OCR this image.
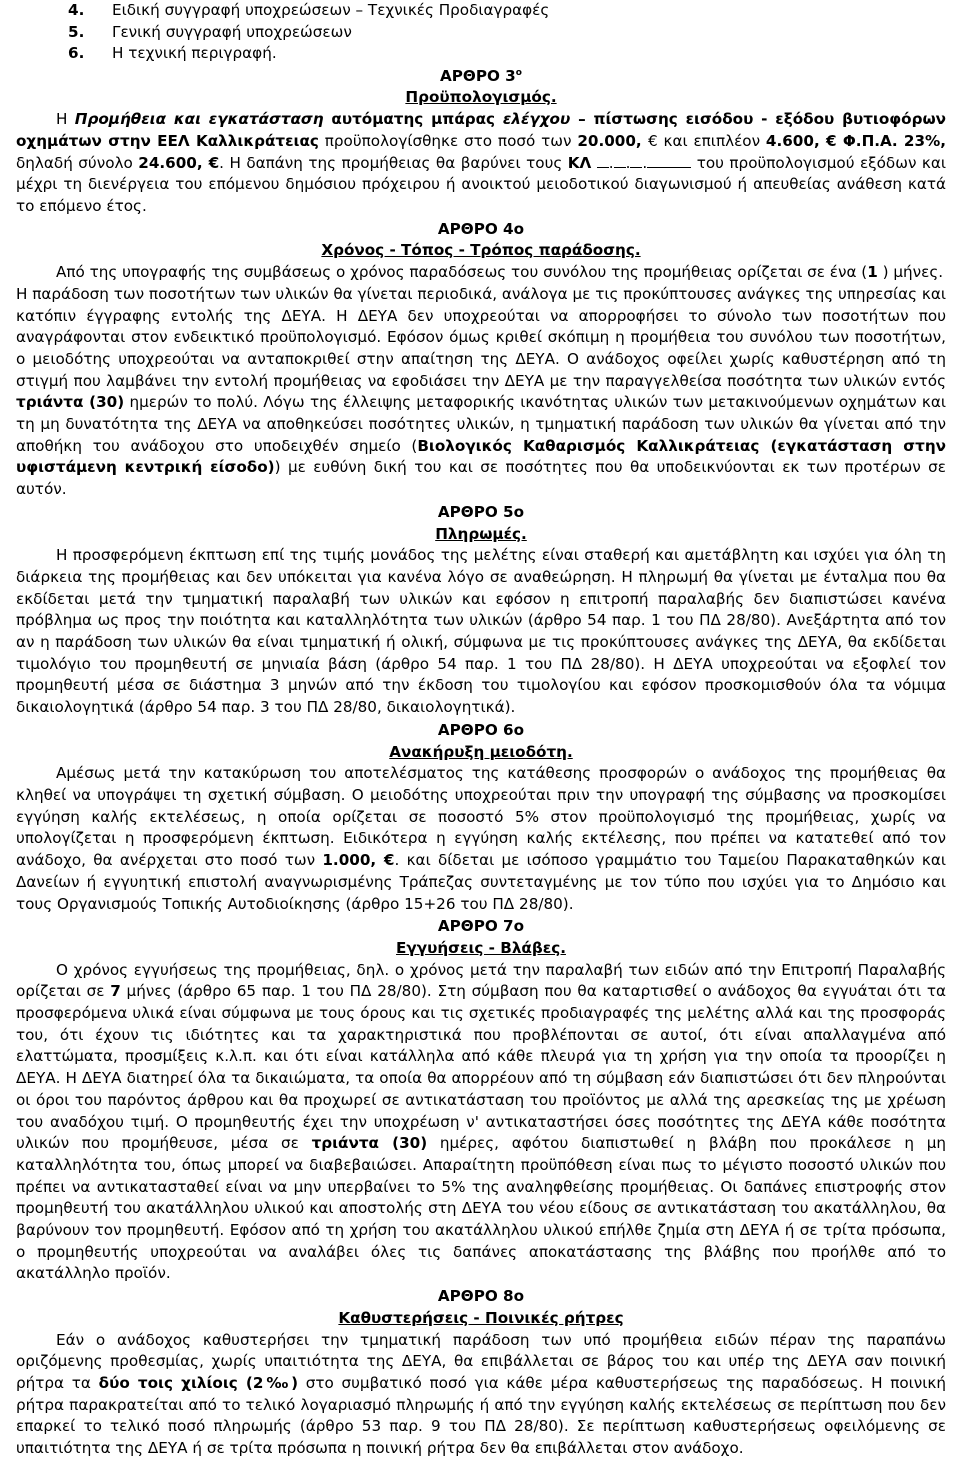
4.	Ειδική συγγραφή υποχρεώσεων – Τεχνικές Προδιαγραφές
5.	Γενική συγγραφή υποχρεώσεων
6.	Η τεχνική περιγραφή.
ΑΡΘΡΟ $3^o$
Προϋπολογισμός.

Η Προμήθεια και εγκατάσταση αυτόματης μπάρας ελέγχου – πίστωσης εισόδου - εξόδου βυτιοφόρων οχημάτων στην ΕΕΛ Καλλικράτειας προϋπολογίσθηκε στο ποσό των 20.000, € και επιπλέον 4.600, € Φ.Π.Α. 23%, δηλαδή σύνολο 24.600, €. Η δαπάνη της προμήθειας θα βαρύνει τους ΚΛ . . .	του προϋπολογισμού εξόδων και μέχρι τη διενέργεια του επόμενου δημόσιου πρόχειρου ή ανοικτού μειοδοτικού διαγωνισμού ή απευθείας ανάθεση κατά το επόμενο έτος.

ΑΡΘΡΟ 4ο
Χρόνος - Τόπος - Τρόπος παράδοσης.

Από της υπογραφής της συμβάσεως ο χρόνος παραδόσεως του συνόλου της προμήθειας ορίζεται σε ένα (1 ) μήνες.

Η παράδοση των ποσοτήτων των υλικών θα γίνεται περιοδικά, ανάλογα με τις προκύπτουσες ανάγκες της υπηρεσίας και κατόπιν έγγραφης εντολής της ΔΕΥΑ. Η ΔΕΥΑ δεν υποχρεούται να απορροφήσει το σύνολο των ποσοτήτων που αναγράφονται στον ενδεικτικό προϋπολογισμό. Εφόσον όμως κριθεί σκόπιμη η προμήθεια του συνόλου των ποσοτήτων, ο μειοδότης υποχρεούται να ανταποκριθεί στην απαίτηση της ΔΕΥΑ. Ο ανάδοχος οφείλει χωρίς καθυστέρηση από τη στιγμή που λαμβάνει την εντολή προμήθειας να εφοδιάσει την ΔΕΥΑ με την παραγγελθείσα ποσότητα των υλικών εντός τριάντα (30) ημερών το πολύ. Λόγω της έλλειψης μεταφορικής ικανότητας υλικών των μετακινούμενων οχημάτων και τη μη δυνατότητα της ΔΕΥΑ να αποθηκεύσει ποσότητες υλικών, η τμηματική παράδοση των υλικών θα γίνεται από την αποθήκη του ανάδοχου στο υποδειχθέν σημείο (Βιολογικός Καθαρισμός Καλλικράτειας (εγκατάσταση στην υφιστάμενη κεντρική είσοδο)) με ευθύνη δική του και σε ποσότητες που θα υποδεικνύονται εκ των προτέρων σε αυτόν.

ΑΡΘΡΟ 5ο
Πληρωμές.

Η προσφερόμενη έκπτωση επί της τιμής μονάδος της μελέτης είναι σταθερή και αμετάβλητη και ισχύει για όλη τη διάρκεια της προμήθειας και δεν υπόκειται για κανένα λόγο σε αναθεώρηση. Η πληρωμή θα γίνεται με ένταλμα που θα εκδίδεται μετά την τμηματική παραλαβή των υλικών και εφόσον η επιτροπή παραλαβής δεν διαπιστώσει κανένα πρόβλημα ως προς την ποιότητα και καταλληλότητα των υλικών (άρθρο 54 παρ. 1 του ΠΔ 28/80). Ανεξάρτητα από τον αν η παράδοση των υλικών θα είναι τμηματική ή ολική, σύμφωνα με τις προκύπτουσες ανάγκες της ΔΕΥΑ, θα εκδίδεται τιμολόγιο του προμηθευτή σε μηνιαία βάση (άρθρο 54 παρ. 1 του ΠΔ 28/80). Η ΔΕΥΑ υποχρεούται να εξοφλεί τον προμηθευτή μέσα σε διάστημα 3 μηνών από την έκδοση του τιμολογίου και εφόσον προσκομισθούν όλα τα νόμιμα δικαιολογητικά (άρθρο 54 παρ. 3 του ΠΔ 28/80, δικαιολογητικά).

ΑΡΘΡΟ 6ο
Ανακήρυξη μειοδότη.

Αμέσως μετά την κατακύρωση του αποτελέσματος της κατάθεσης προσφορών ο ανάδοχος της προμήθειας θα κληθεί να υπογράψει τη σχετική σύμβαση. Ο μειοδότης υποχρεούται πριν την υπογραφή της σύμβασης να προσκομίσει εγγύηση καλής εκτελέσεως, η οποία ορίζεται σε ποσοστό 5% στον προϋπολογισμό της προμήθειας, χωρίς να υπολογίζεται η προσφερόμενη έκπτωση. Ειδικότερα η εγγύηση καλής εκτέλεσης, που πρέπει να κατατεθεί από τον ανάδοχο, θα ανέρχεται στο ποσό των 1.000, €. και δίδεται με ισόποσο γραμμάτιο του Ταμείου Παρακαταθηκών και Δανείων ή εγγυητική επιστολή αναγνωρισμένης Τράπεζας συντεταγμένης με τον τύπο που ισχύει για το Δημόσιο και τους Οργανισμούς Τοπικής Αυτοδιοίκησης (άρθρο 15+26 του ΠΔ 28/80).

ΑΡΘΡΟ 7ο
Εγγυήσεις - Βλάβες.

Ο χρόνος εγγυήσεως της προμήθειας, δηλ. ο χρόνος μετά την παραλαβή των ειδών από την Επιτροπή Παραλαβής ορίζεται σε 7 μήνες (άρθρο 65 παρ. 1 του ΠΔ 28/80). Στη σύμβαση που θα καταρτισθεί ο ανάδοχος θα εγγυάται ότι τα προσφερόμενα υλικά είναι σύμφωνα με τους όρους και τις σχετικές προδιαγραφές της μελέτης αλλά και της προσφοράς του, ότι έχουν τις ιδιότητες και τα χαρακτηριστικά που προβλέπονται σε αυτοί, ότι είναι απαλλαγμένα από ελαττώματα, προσμίξεις κ.λ.π. και ότι είναι κατάλληλα από κάθε πλευρά για τη χρήση για την οποία τα προορίζει η ΔΕΥΑ. Η ΔΕΥΑ διατηρεί όλα τα δικαιώματα, τα οποία θα απορρέουν από τη σύμβαση εάν διαπιστώσει ότι δεν πληρούνται οι όροι του παρόντος άρθρου και θα προχωρεί σε αντικατάσταση του προϊόντος με αλλά της αρεσκείας της με χρέωση του αναδόχου τιμή. Ο προμηθευτής έχει την υποχρέωση ν' αντικαταστήσει όσες ποσότητες της ΔΕΥΑ κάθε ποσότητα υλικών που προμήθευσε, μέσα σε τριάντα (30) ημέρες, αφότου διαπιστωθεί η βλάβη που προκάλεσε η μη καταλληλότητα του, όπως μπορεί να διαβεβαιώσει. Απαραίτητη προϋπόθεση είναι πως το μέγιστο ποσοστό υλικών που πρέπει να αντικατασταθεί είναι να μην υπερβαίνει το 5% της αναληφθείσης προμήθειας. Οι δαπάνες επιστροφής στον προμηθευτή του ακατάλληλου υλικού και αποστολής στη ΔΕΥΑ του νέου είδους σε αντικατάσταση του ακατάλληλου, θα βαρύνουν τον προμηθευτή. Εφόσον από τη χρήση του ακατάλληλου υλικού επήλθε ζημία στη ΔΕΥΑ ή σε τρίτα πρόσωπα, ο προμηθευτής υποχρεούται να αναλάβει όλες τις δαπάνες αποκατάστασης της βλάβης που προήλθε από το ακατάλληλο προϊόν.

ΑΡΘΡΟ 8ο
Καθυστερήσεις - Ποινικές ρήτρες

Εάν ο ανάδοχος καθυστερήσει την τμηματική παράδοση των υπό προμήθεια ειδών πέραν της παραπάνω οριζόμενης προθεσμίας, χωρίς υπαιτιότητα της ΔΕΥΑ, θα επιβάλλεται σε βάρος του και υπέρ της ΔΕΥΑ σαν ποινική ρήτρα τα δύο τοις χιλίοις (2‰) στο συμβατικό ποσό για κάθε μέρα καθυστερήσεως της παραδόσεως. Η ποινική ρήτρα παρακρατείται από το τελικό λογαριασμό πληρωμής ή από την εγγύηση καλής εκτελέσεως σε περίπτωση που δεν επαρκεί το τελικό ποσό πληρωμής (άρθρο 53 παρ. 9 του ΠΔ 28/80). Σε περίπτωση καθυστερήσεως οφειλόμενης σε υπαιτιότητα της ΔΕΥΑ ή σε τρίτα πρόσωπα η ποινική ρήτρα δεν θα επιβάλλεται στον ανάδοχο.
